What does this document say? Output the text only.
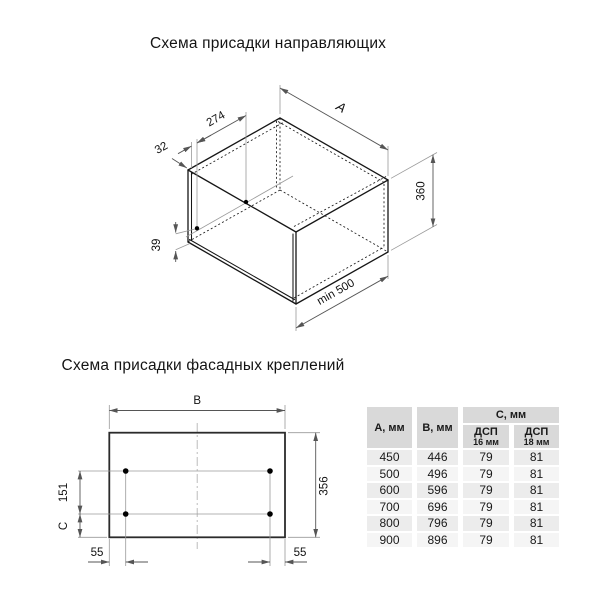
Схема присадки направляющих
Схема присадки фасадных креплений
274
32
A
360
39
min 500
B
356
151
C
55	55
А, мм	В, мм
С, мм
ДСП
16 мм
ДСП
18 мм
450	446	79	81
500	496	79	81
600	596	79	81
700	696	79	81
800	796	79	81
900	896	79	81
